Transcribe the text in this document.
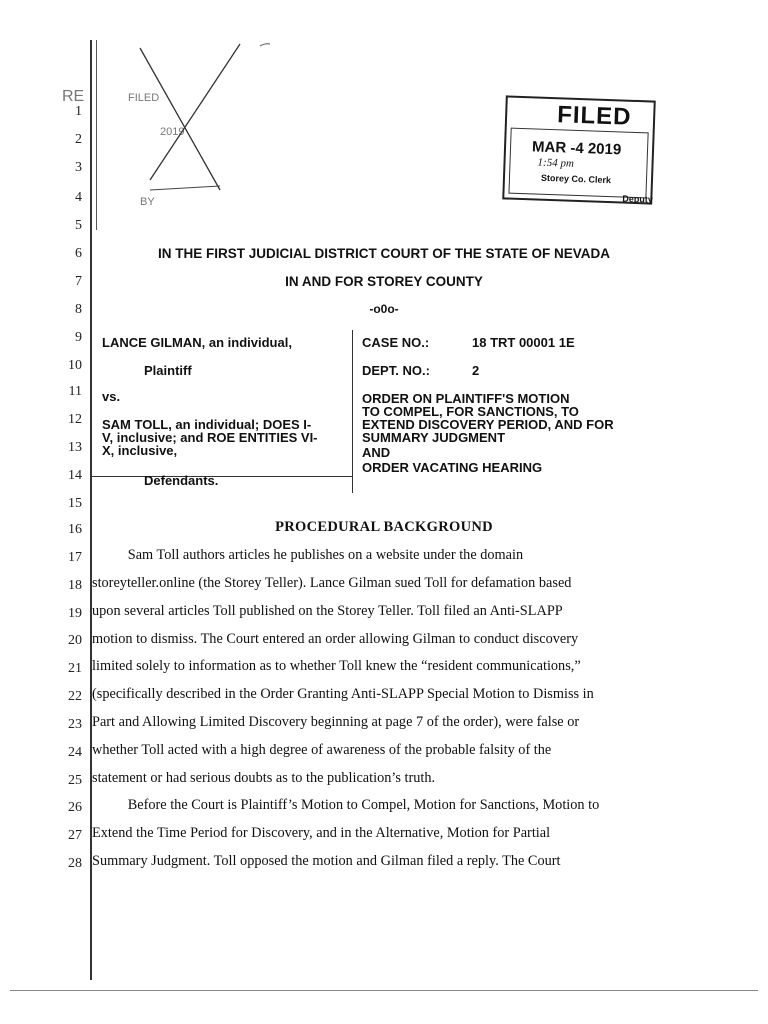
RE	FILED
2019
BY
1
2
3
4
5
6
7
8
9
10
11
12
13
14
15
16
17
18
19
20
21
22
23
24
25
26
27
28
FILED
MAR -4 2019
1:54 pm
Storey Co. Clerk
Deputy
IN THE FIRST JUDICIAL DISTRICT COURT OF THE STATE OF NEVADA
IN AND FOR STOREY COUNTY
-o0o-
LANCE GILMAN, an individual,
Plaintiff
vs.
SAM TOLL, an individual; DOES I-
V, inclusive; and ROE ENTITIES VI-
X, inclusive,
Defendants.
CASE NO.:	18 TRT 00001 1E
DEPT. NO.:	2
ORDER ON PLAINTIFF'S MOTION
TO COMPEL, FOR SANCTIONS, TO
EXTEND DISCOVERY PERIOD, AND FOR
SUMMARY JUDGMENT
AND
ORDER VACATING HEARING
PROCEDURAL BACKGROUND
Sam Toll authors articles he publishes on a website under the domain
storeyteller.online (the Storey Teller). Lance Gilman sued Toll for defamation based
upon several articles Toll published on the Storey Teller. Toll filed an Anti-SLAPP
motion to dismiss. The Court entered an order allowing Gilman to conduct discovery
limited solely to information as to whether Toll knew the “resident communications,”
(specifically described in the Order Granting Anti-SLAPP Special Motion to Dismiss in
Part and Allowing Limited Discovery beginning at page 7 of the order), were false or
whether Toll acted with a high degree of awareness of the probable falsity of the
statement or had serious doubts as to the publication’s truth.
Before the Court is Plaintiff’s Motion to Compel, Motion for Sanctions, Motion to
Extend the Time Period for Discovery, and in the Alternative, Motion for Partial
Summary Judgment. Toll opposed the motion and Gilman filed a reply. The Court
